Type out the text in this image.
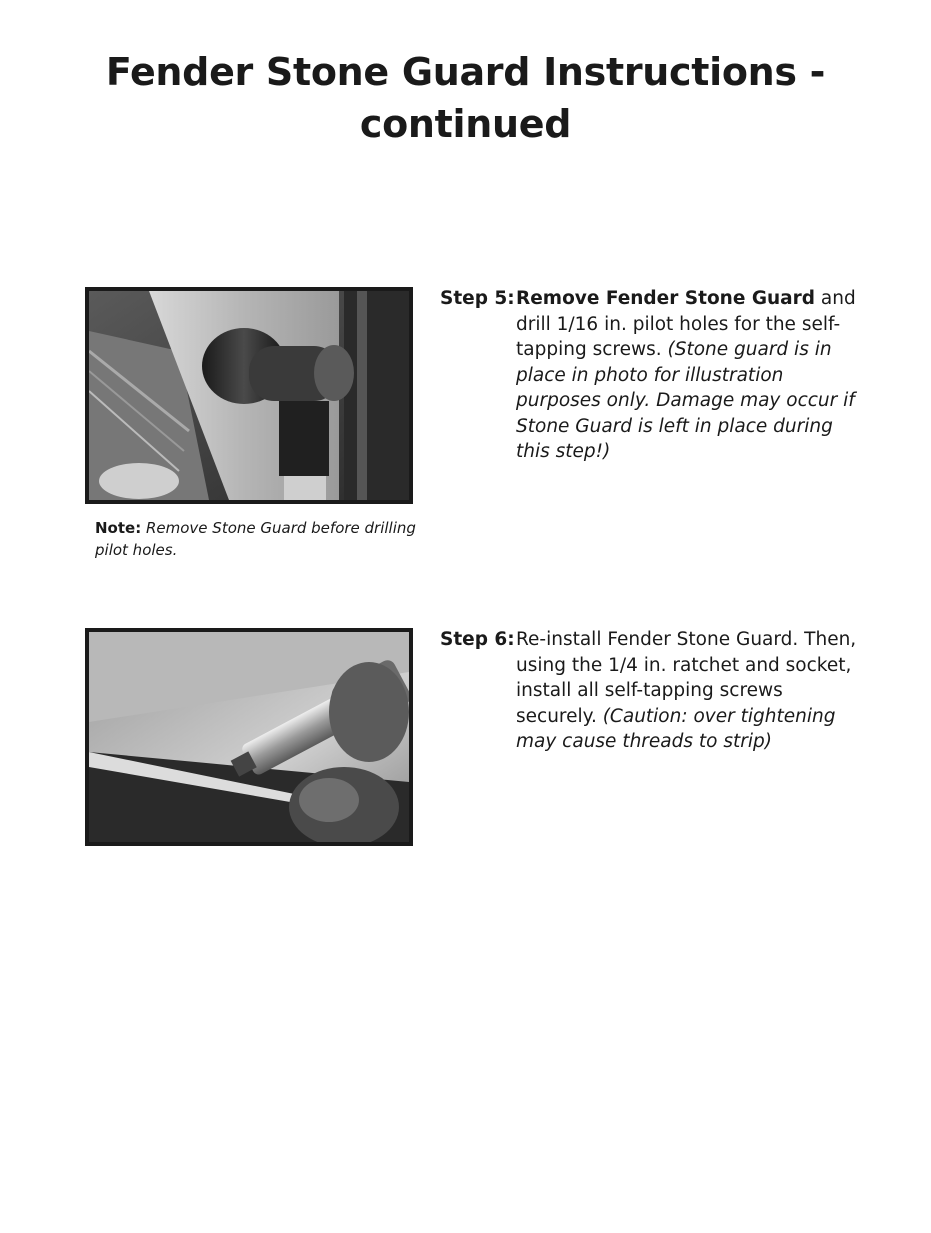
Fender Stone Guard Instructions -
continued
Note: Remove Stone Guard before drilling pilot holes.
Step 5: Remove Fender Stone Guard and drill 1/16 in. pilot holes for the self-tapping screws. (Stone guard is in place in photo for illustration purposes only. Damage may occur if Stone Guard is left in place during this step!)
Step 6: Re-install Fender Stone Guard. Then, using the 1/4 in. ratchet and socket, install all self-tapping screws securely. (Caution: over tightening may cause threads to strip)
